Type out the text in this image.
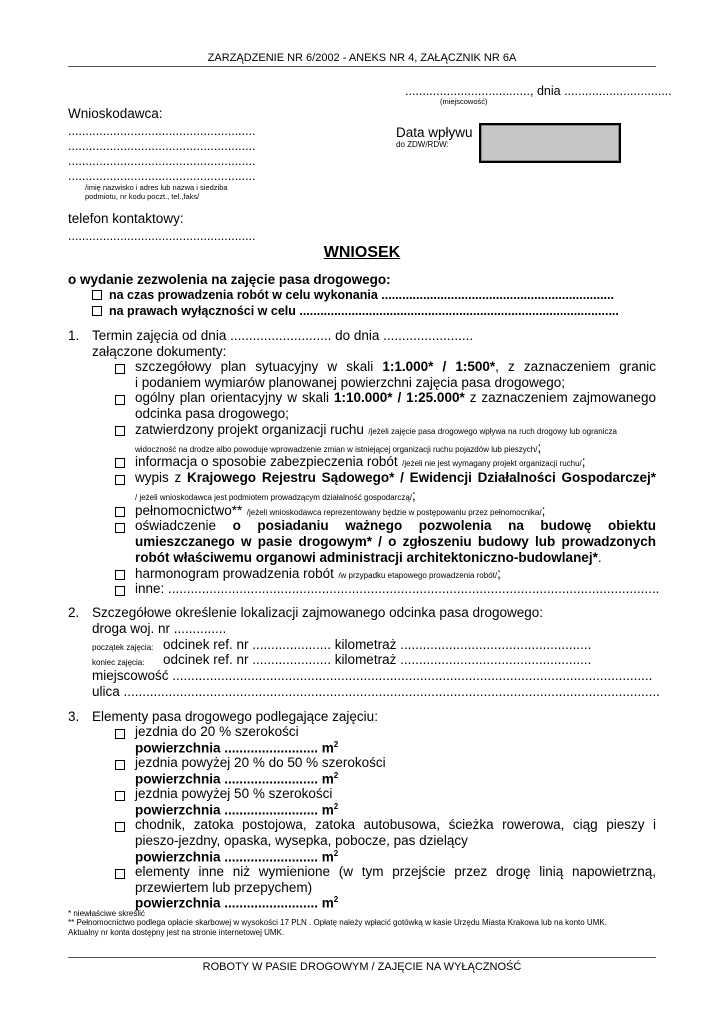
ZARZĄDZENIE NR 6/2002 - ANEKS NR 4, ZAŁĄCZNIK NR 6A
...................................., dnia ...............................
(miejscowość)
Wnioskodawca:
......................................................
......................................................
......................................................
......................................................
/imię nazwisko i adres lub nazwa i siedziba
podmiotu, nr kodu poczt., tel.,faks/
telefon kontaktowy:
......................................................
Data wpływu
do ZDW/RDW:
WNIOSEK
o wydanie zezwolenia na zajęcie pasa drogowego:
na czas prowadzenia robót w celu wykonania ...................................................................
na prawach wyłączności w celu ............................................................................................
1. Termin zajęcia od dnia ........................... do dnia ........................
załączone dokumenty:
szczegółowy plan sytuacyjny w skali 1:1.000* / 1:500*, z zaznaczeniem granic
i podaniem wymiarów planowanej powierzchni zajęcia pasa drogowego;
ogólny plan orientacyjny w skali 1:10.000* / 1:25.000* z zaznaczeniem zajmowanego
odcinka pasa drogowego;
zatwierdzony projekt organizacji ruchu /jeżeli zajęcie pasa drogowego wpływa na ruch drogowy lub ogranicza
widoczność na drodze albo powoduje wprowadzenie zmian w istniejącej organizacji ruchu pojazdów lub pieszych/;
informacja o sposobie zabezpieczenia robót /jeżeli nie jest wymagany projekt organizacji ruchu/;
wypis z Krajowego Rejestru Sądowego* / Ewidencji Działalności Gospodarczej*
/ jeżeli wnioskodawca jest podmiotem prowadzącym działalność gospodarczą/;
pełnomocnictwo** /jeżeli wnioskodawca reprezentowany będzie w postępowaniu przez pełnomocnika/;
oświadczenie o posiadaniu ważnego pozwolenia na budowę obiektu
umieszczanego w pasie drogowym* / o zgłoszeniu budowy lub prowadzonych
robót właściwemu organowi administracji architektoniczno-budowlanej*.
harmonogram prowadzenia robót /w przypadku etapowego prowadzenia robót/;
inne: ...................................................................................................................................
2. Szczegółowe określenie lokalizacji zajmowanego odcinka pasa drogowego:
droga woj. nr ..............
początek zajęcia: odcinek ref. nr ..................... kilometraż ...................................................
koniec zajęcia: odcinek ref. nr ..................... kilometraż ...................................................
miejscowość ................................................................................................................................
ulica ...............................................................................................................................................
3. Elementy pasa drogowego podlegające zajęciu:
jezdnia do 20 % szerokości
powierzchnia ......................... $m^2$
jezdnia powyżej 20 % do 50 % szerokości
powierzchnia ......................... $m^2$
jezdnia powyżej 50 % szerokości
powierzchnia ......................... $m^2$
chodnik, zatoka postojowa, zatoka autobusowa, ścieżka rowerowa, ciąg pieszy i
pieszo-jezdny, opaska, wysepka, pobocze, pas dzielący
powierzchnia ......................... $m^2$
elementy inne niż wymienione (w tym przejście przez drogę linią napowietrzną,
przewiertem lub przepychem)
powierzchnia ......................... $m^2$
* niewłaściwe skreślić
** Pełnomocnictwo podlega opłacie skarbowej w wysokości 17 PLN . Opłatę należy wpłacić gotówką w kasie Urzędu Miasta Krakowa lub na konto UMK.
Aktualny nr konta dostępny jest na stronie internetowej UMK.
ROBOTY W PASIE DROGOWYM / ZAJĘCIE NA WYŁĄCZNOŚĆ
